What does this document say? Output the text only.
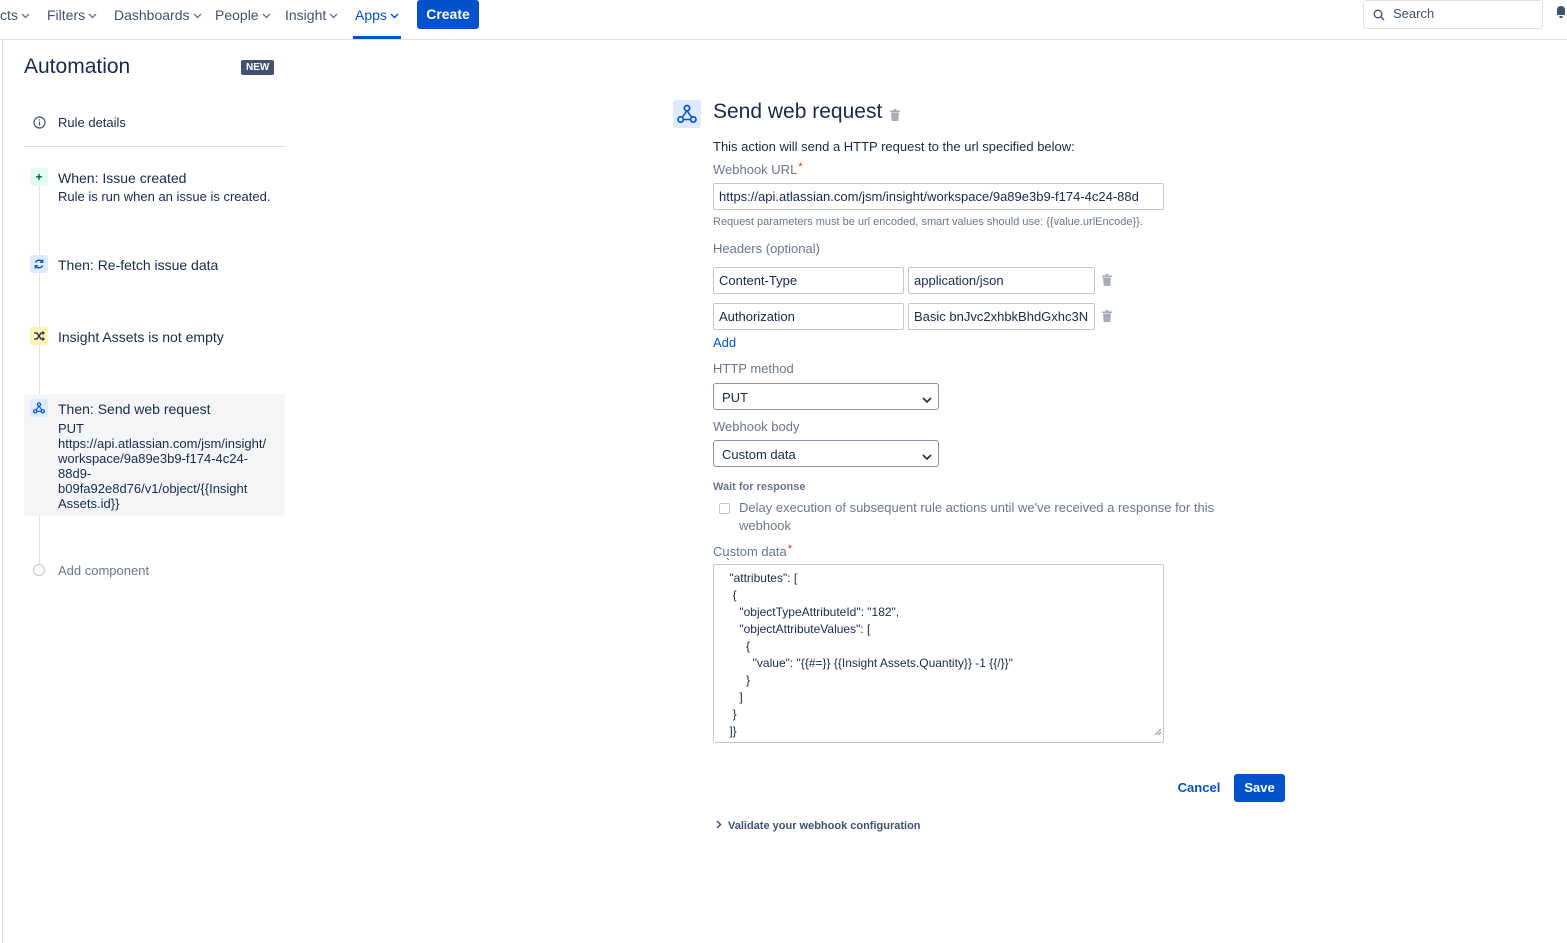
cts	Filters	Dashboards	People	Insight	Apps	Create	Search
Automation	NEW
Rule details
+	When: Issue created
Rule is run when an issue is created.
Then: Re-fetch issue data
Insight Assets is not empty
Then: Send web request
PUT
https://api.atlassian.com/jsm/insight/
workspace/9a89e3b9-f174-4c24-
88d9-
b09fa92e8d76/v1/object/{{Insight
Assets.id}}
Add component
Send web request
This action will send a HTTP request to the url specified below:
Webhook URL*
https://api.atlassian.com/jsm/insight/workspace/9a89e3b9-f174-4c24-88d
Request parameters must be url encoded, smart values should use: {{value.urlEncode}}.
Headers (optional)
Content-Type
application/json
Authorization
Basic bnJvc2xhbkBhdGxhc3N
Add
HTTP method
PUT
Webhook body
Custom data
Wait for response
Delay execution of subsequent rule actions until we've received a response for this webhook
Custom data*
`
"attributes": [
{
"objectTypeAttributeId": "182",
"objectAttributeValues": [
{
"value": "{{#=}} {{Insight Assets.Quantity}} -1 {{/}}"
}
]
}
]}
Cancel	Save
Validate your webhook configuration
